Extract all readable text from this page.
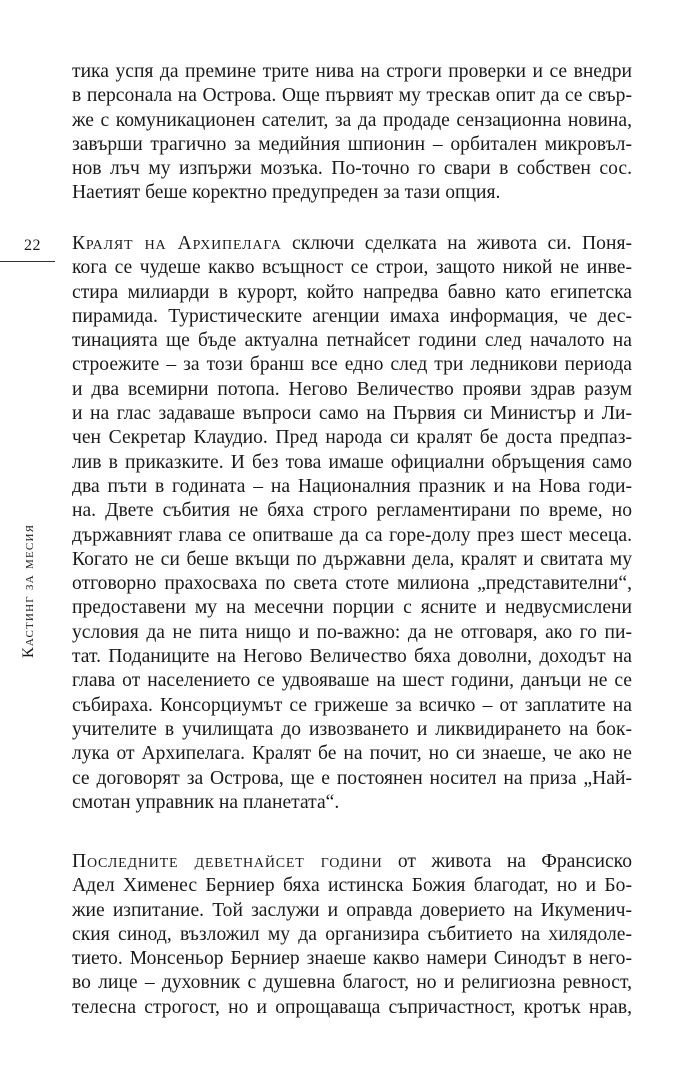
22
Кастинг за месия
тика успя да премине трите нива на строги проверки и се внедри
в персонала на Острова. Още първият му трескав опит да се свър-
же с комуникационен сателит, за да продаде сензационна новина,
завърши трагично за медийния шпионин – орбитален микровъл-
нов лъч му изпържи мозъка. По-точно го свари в собствен сос.
Наетият беше коректно предупреден за тази опция.
Кралят на Архипелага сключи сделката на живота си. Поня-
кога се чудеше какво всъщност се строи, защото никой не инве-
стира милиарди в курорт, който напредва бавно като египетска
пирамида. Туристическите агенции имаха информация, че дес-
тинацията ще бъде актуална петнайсет години след началото на
строежите – за този бранш все едно след три ледникови периода
и два всемирни потопа. Негово Величество прояви здрав разум
и на глас задаваше въпроси само на Първия си Министър и Ли-
чен Секретар Клаудио. Пред народа си кралят бе доста предпаз-
лив в приказките. И без това имаше официални обръщения само
два пъти в годината – на Националния празник и на Нова годи-
на. Двете събития не бяха строго регламентирани по време, но
държавният глава се опитваше да са горе-долу през шест месеца.
Когато не си беше вкъщи по държавни дела, кралят и свитата му
отговорно прахосваха по света стоте милиона „представителни“,
предоставени му на месечни порции с ясните и недвусмислени
условия да не пита нищо и по-важно: да не отговаря, ако го пи-
тат. Поданиците на Негово Величество бяха доволни, доходът на
глава от населението се удвояваше на шест години, данъци не се
събираха. Консорциумът се грижеше за всичко – от заплатите на
учителите в училищата до извозването и ликвидирането на бок-
лука от Архипелага. Кралят бе на почит, но си знаеше, че ако не
се договорят за Острова, ще е постоянен носител на приза „Най-
смотан управник на планетата“.
Последните деветнайсет години от живота на Франсиско
Адел Хименес Берниер бяха истинска Божия благодат, но и Бо-
жие изпитание. Той заслужи и оправда доверието на Икуменич-
ския синод, възложил му да организира събитието на хилядоле-
тието. Монсеньор Берниер знаеше какво намери Синодът в него-
во лице – духовник с душевна благост, но и религиозна ревност,
телесна строгост, но и опрощаваща съпричастност, кротък нрав,
